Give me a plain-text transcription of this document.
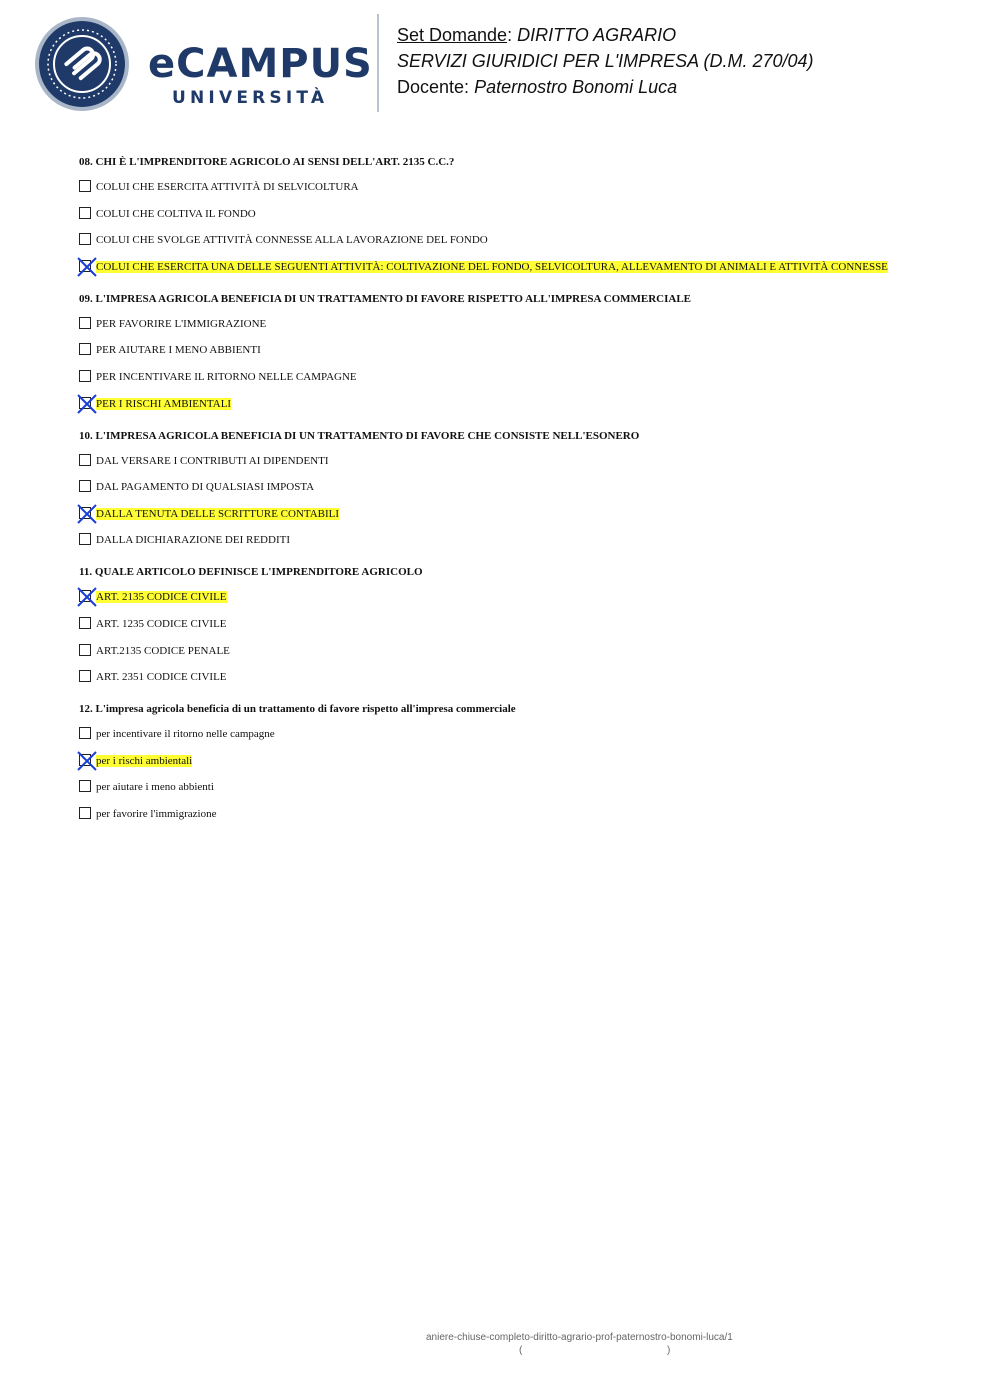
eCAMPUS
UNIVERSITÀ
Set Domande: DIRITTO AGRARIO
SERVIZI GIURIDICI PER L'IMPRESA (D.M. 270/04)
Docente: Paternostro Bonomi Luca
08. CHI È L'IMPRENDITORE AGRICOLO AI SENSI DELL'ART. 2135 C.C.?
COLUI CHE ESERCITA ATTIVITÀ DI SELVICOLTURA
COLUI CHE COLTIVA IL FONDO
COLUI CHE SVOLGE ATTIVITÀ CONNESSE ALLA LAVORAZIONE DEL FONDO
COLUI CHE ESERCITA UNA DELLE SEGUENTI ATTIVITÀ: COLTIVAZIONE DEL FONDO, SELVICOLTURA, ALLEVAMENTO DI ANIMALI E ATTIVITÀ CONNESSE
09. L'IMPRESA AGRICOLA BENEFICIA DI UN TRATTAMENTO DI FAVORE RISPETTO ALL'IMPRESA COMMERCIALE
PER FAVORIRE L'IMMIGRAZIONE
PER AIUTARE I MENO ABBIENTI
PER INCENTIVARE IL RITORNO NELLE CAMPAGNE
PER I RISCHI AMBIENTALI
10. L'IMPRESA AGRICOLA BENEFICIA DI UN TRATTAMENTO DI FAVORE CHE CONSISTE NELL'ESONERO
DAL VERSARE I CONTRIBUTI AI DIPENDENTI
DAL PAGAMENTO DI QUALSIASI IMPOSTA
DALLA TENUTA DELLE SCRITTURE CONTABILI
DALLA DICHIARAZIONE DEI REDDITI
11. QUALE ARTICOLO DEFINISCE L'IMPRENDITORE AGRICOLO
ART. 2135 CODICE CIVILE
ART. 1235 CODICE CIVILE
ART.2135 CODICE PENALE
ART. 2351 CODICE CIVILE
12. L'impresa agricola beneficia di un trattamento di favore rispetto all'impresa commerciale
per incentivare il ritorno nelle campagne
per i rischi ambientali
per aiutare i meno abbienti
per favorire l'immigrazione
aniere-chiuse-completo-diritto-agrario-prof-paternostro-bonomi-luca/1
(	)
